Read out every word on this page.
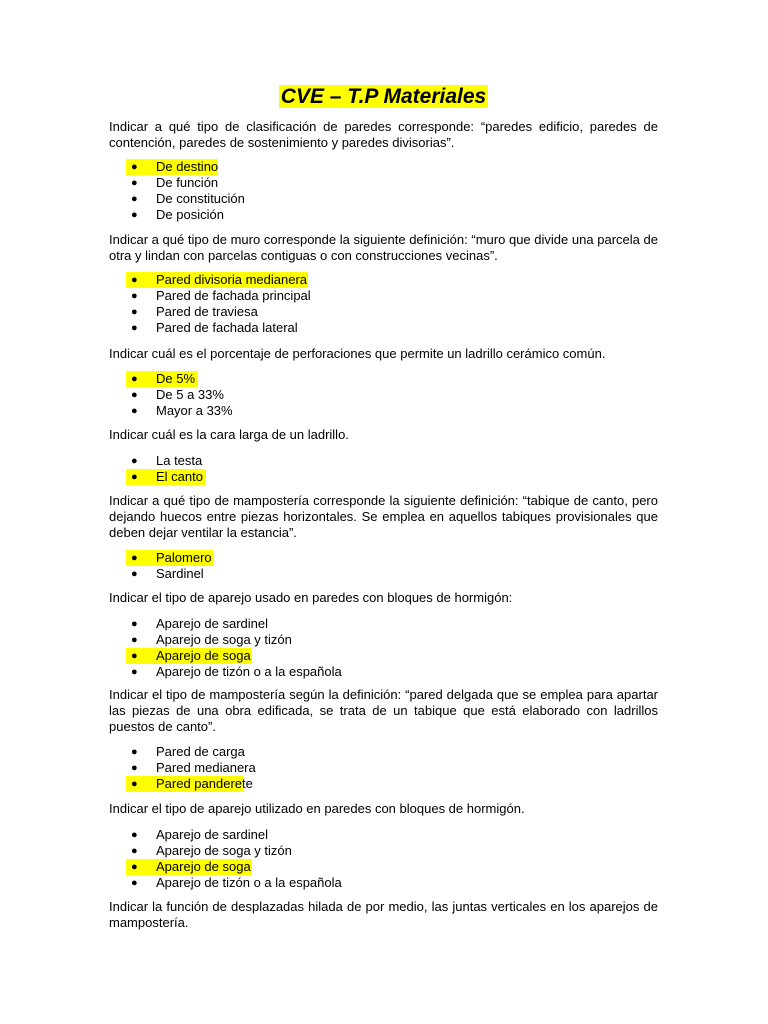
CVE – T.P Materiales
Indicar a qué tipo de clasificación de paredes corresponde: “paredes edificio, paredes de contención, paredes de sostenimiento y paredes divisorias”.
● De destino
● De función
● De constitución
● De posición
Indicar a qué tipo de muro corresponde la siguiente definición: “muro que divide una parcela de otra y lindan con parcelas contiguas o con construcciones vecinas”.
● Pared divisoria medianera
● Pared de fachada principal
● Pared de traviesa
● Pared de fachada lateral
Indicar cuál es el porcentaje de perforaciones que permite un ladrillo cerámico común.
● De 5%
● De 5 a 33%
● Mayor a 33%
Indicar cuál es la cara larga de un ladrillo.
● La testa
● El canto
Indicar a qué tipo de mampostería corresponde la siguiente definición: “tabique de canto, pero dejando huecos entre piezas horizontales. Se emplea en aquellos tabiques provisionales que deben dejar ventilar la estancia”.
● Palomero
● Sardinel
Indicar el tipo de aparejo usado en paredes con bloques de hormigón:
● Aparejo de sardinel
● Aparejo de soga y tizón
● Aparejo de soga
● Aparejo de tizón o a la española
Indicar el tipo de mampostería según la definición: “pared delgada que se emplea para apartar las piezas de una obra edificada, se trata de un tabique que está elaborado con ladrillos puestos de canto”.
● Pared de carga
● Pared medianera
● Pared panderete
Indicar el tipo de aparejo utilizado en paredes con bloques de hormigón.
● Aparejo de sardinel
● Aparejo de soga y tizón
● Aparejo de soga
● Aparejo de tizón o a la española
Indicar la función de desplazadas hilada de por medio, las juntas verticales en los aparejos de mampostería.
